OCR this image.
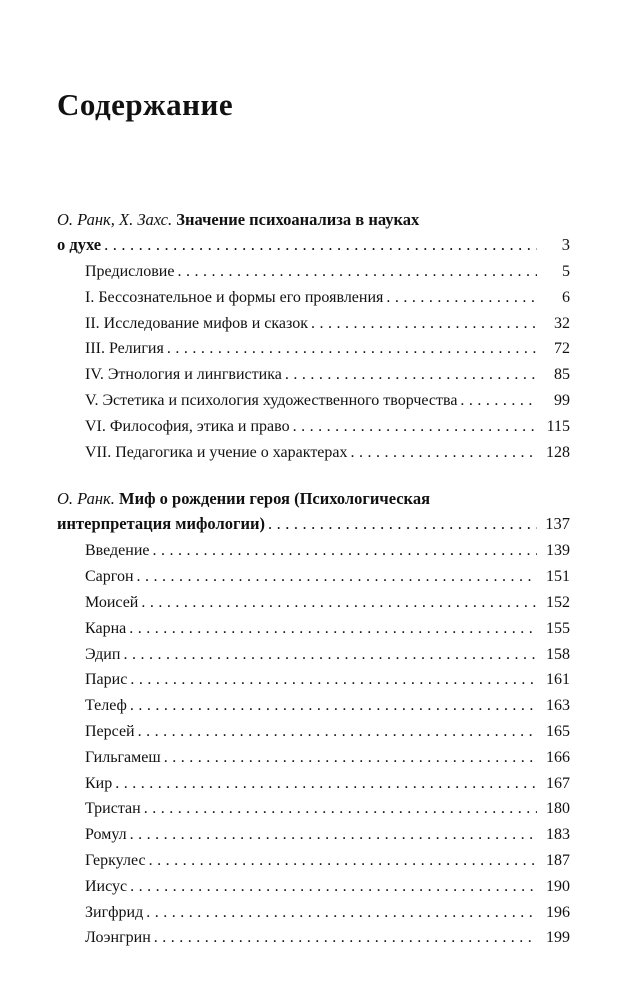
Содержание
О. Ранк, Х. Захс. Значение психоанализа в науках
о духе .....	3
Предисловие .....	5
I. Бессознательное и формы его проявления .....	6
II. Исследование мифов и сказок .....	32
III. Религия .....	72
IV. Этнология и лингвистика .....	85
V. Эстетика и психология художественного творчества .....	99
VI. Философия, этика и право .....	115
VII. Педагогика и учение о характерах .....	128
О. Ранк. Миф о рождении героя (Психологическая
интерпретация мифологии) .....	137
Введение .....	139
Саргон .....	151
Моисей .....	152
Карна .....	155
Эдип .....	158
Парис .....	161
Телеф .....	163
Персей .....	165
Гильгамеш .....	166
Кир .....	167
Тристан .....	180
Ромул .....	183
Геркулес .....	187
Иисус .....	190
Зигфрид .....	196
Лоэнгрин .....	199
